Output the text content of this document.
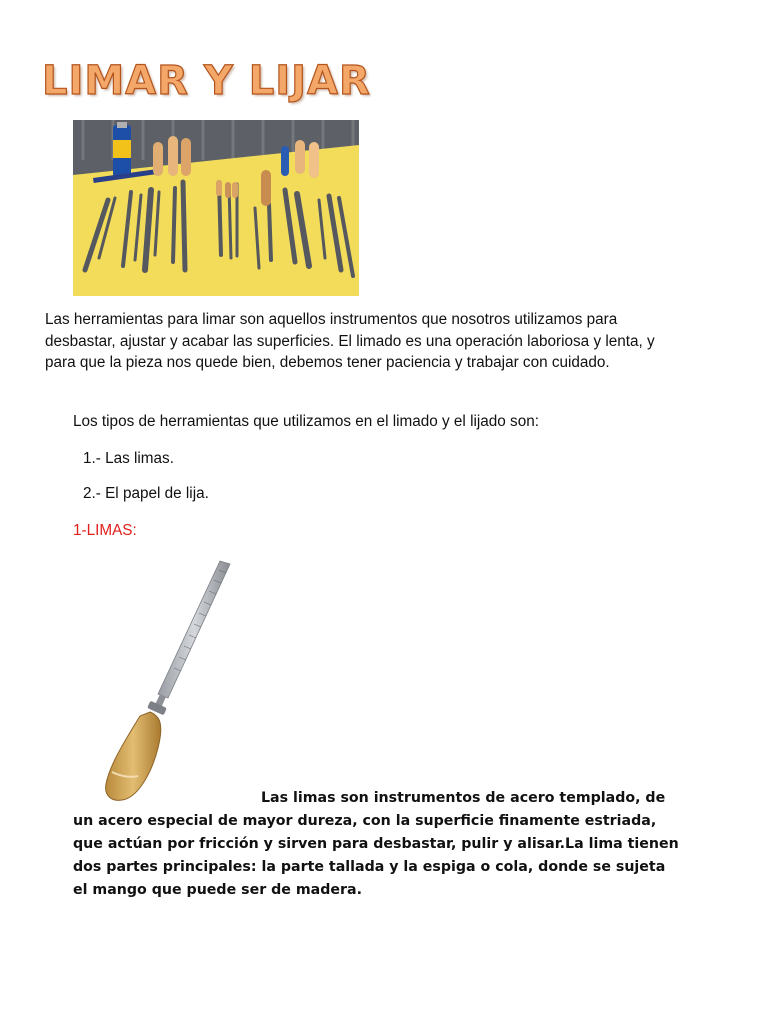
LIMAR Y LIJAR
Las herramientas para limar son aquellos instrumentos que nosotros utilizamos para desbastar, ajustar y acabar las superficies. El limado es una operación laboriosa y lenta, y para que la pieza nos quede bien, debemos tener paciencia y trabajar con cuidado.
Los tipos de herramientas que utilizamos en el limado y el lijado son:
1.- Las limas.
2.- El papel de lija.
1-LIMAS:
Las limas son instrumentos de acero templado, de un acero especial de mayor dureza, con la superficie finamente estriada, que actúan por fricción y sirven para desbastar, pulir y alisar.La lima tienen dos partes principales: la parte tallada y la espiga o cola, donde se sujeta el mango que puede ser de madera.
